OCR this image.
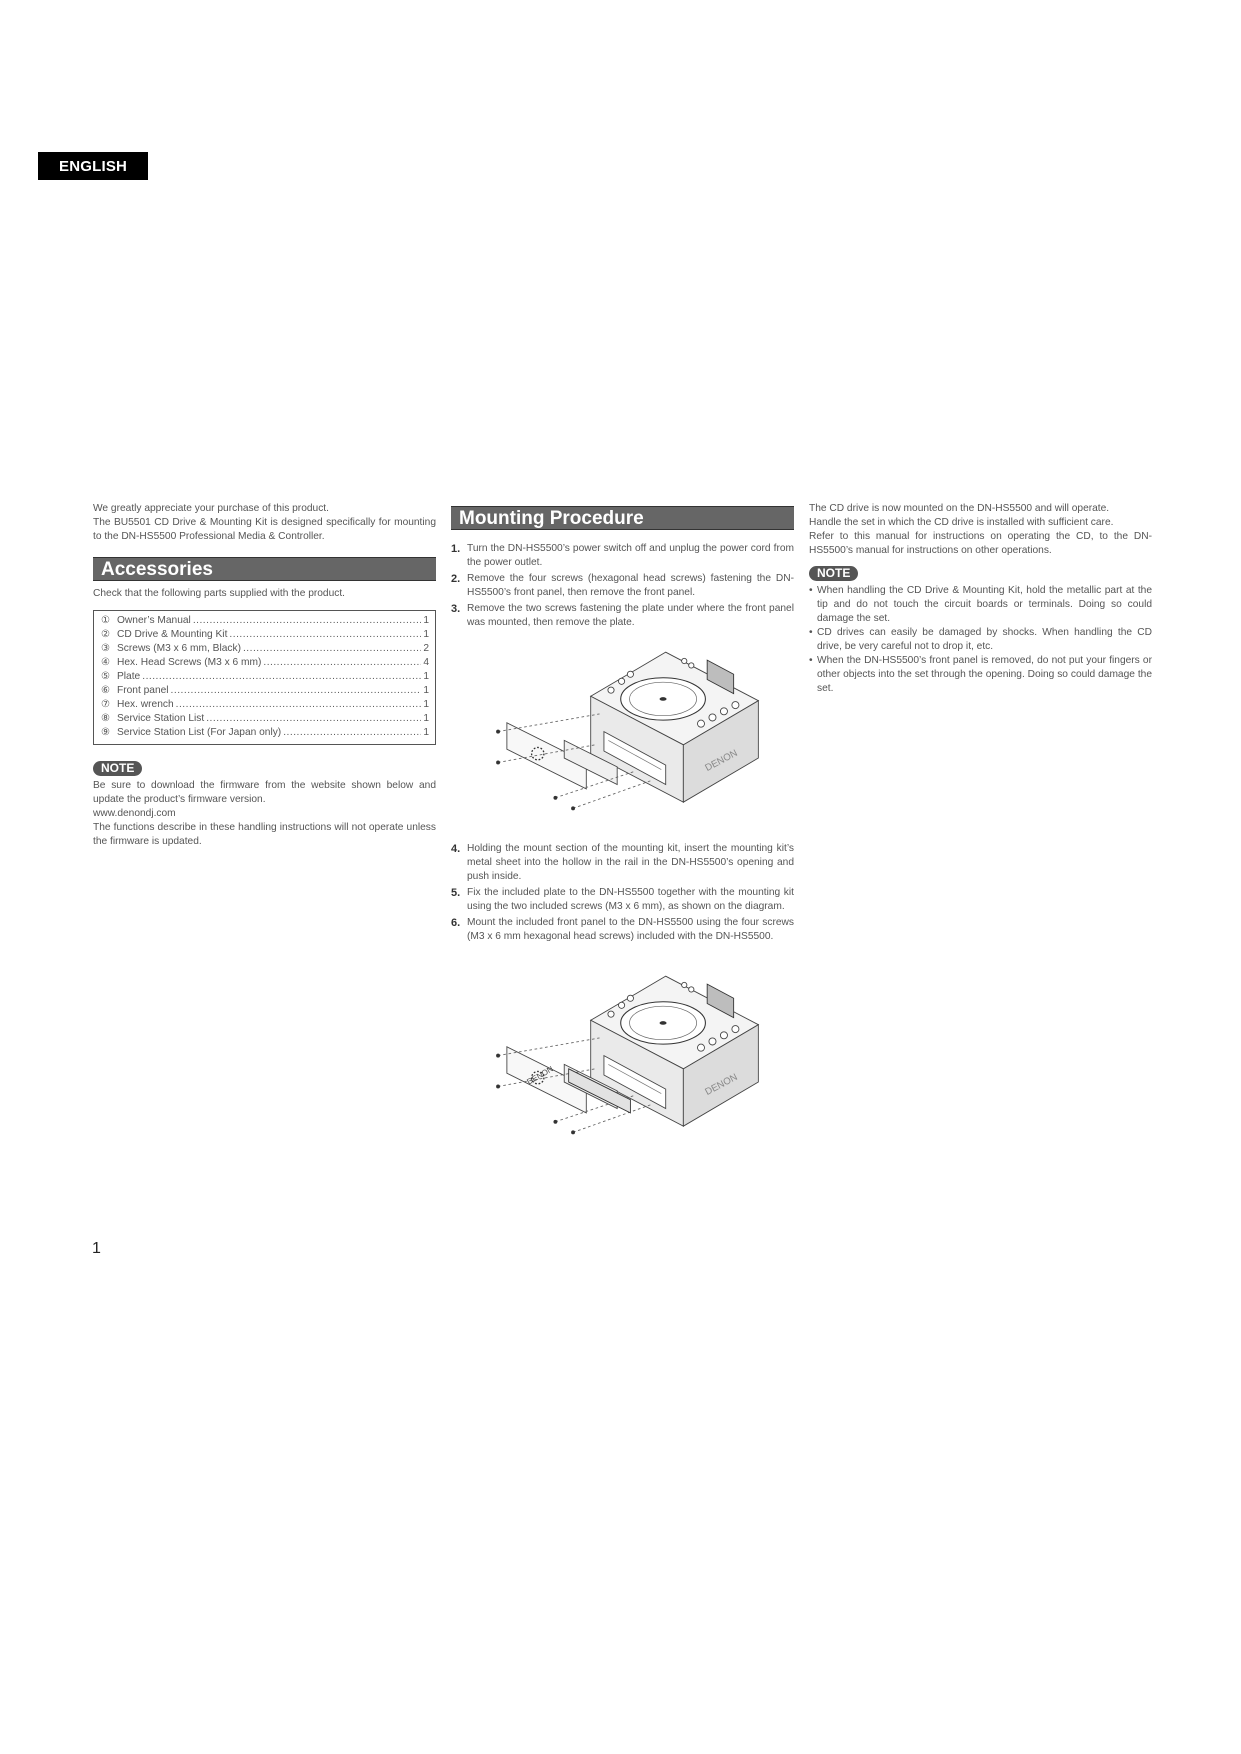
ENGLISH

We greatly appreciate your purchase of this product.

The BU5501 CD Drive & Mounting Kit is designed specifically for mounting to the DN-HS5500 Professional Media & Controller.

Accessories

Check that the following parts supplied with the product.

① Owner’s Manual .....	1
② CD Drive & Mounting Kit .....	1
③ Screws (M3 x 6 mm, Black) .....	2
④ Hex. Head Screws (M3 x 6 mm) .....	4
⑤ Plate .....	1
⑥ Front panel .....	1
⑦ Hex. wrench .....	1
⑧ Service Station List .....	1
⑨ Service Station List (For Japan only) .....	1
NOTE

Be sure to download the firmware from the website shown below and update the product’s firmware version.

www.denondj.com

The functions describe in these handling instructions will not operate unless the firmware is updated.

Mounting Procedure
1. Turn the DN-HS5500’s power switch off and unplug the power cord from the power outlet.
2. Remove the four screws (hexagonal head screws) fastening the DN-HS5500’s front panel, then remove the front panel.
3. Remove the two screws fastening the plate under where the front panel was mounted, then remove the plate.
4. Holding the mount section of the mounting kit, insert the mounting kit’s metal sheet into the hollow in the rail in the DN-HS5500’s opening and push inside.
5. Fix the included plate to the DN-HS5500 together with the mounting kit using the two included screws (M3 x 6 mm), as shown on the diagram.
6. Mount the included front panel to the DN-HS5500 using the four screws (M3 x 6 mm hexagonal head screws) included with the DN-HS5500.
DENON

The CD drive is now mounted on the DN-HS5500 and will operate.

Handle the set in which the CD drive is installed with sufficient care.

Refer to this manual for instructions on operating the CD, to the DN-HS5500’s manual for instructions on other operations.

NOTE
• When handling the CD Drive & Mounting Kit, hold the metallic part at the tip and do not touch the circuit boards or terminals. Doing so could damage the set.
• CD drives can easily be damaged by shocks. When handling the CD drive, be very careful not to drop it, etc.
• When the DN-HS5500’s front panel is removed, do not put your fingers or other objects into the set through the opening. Doing so could damage the set.
1
